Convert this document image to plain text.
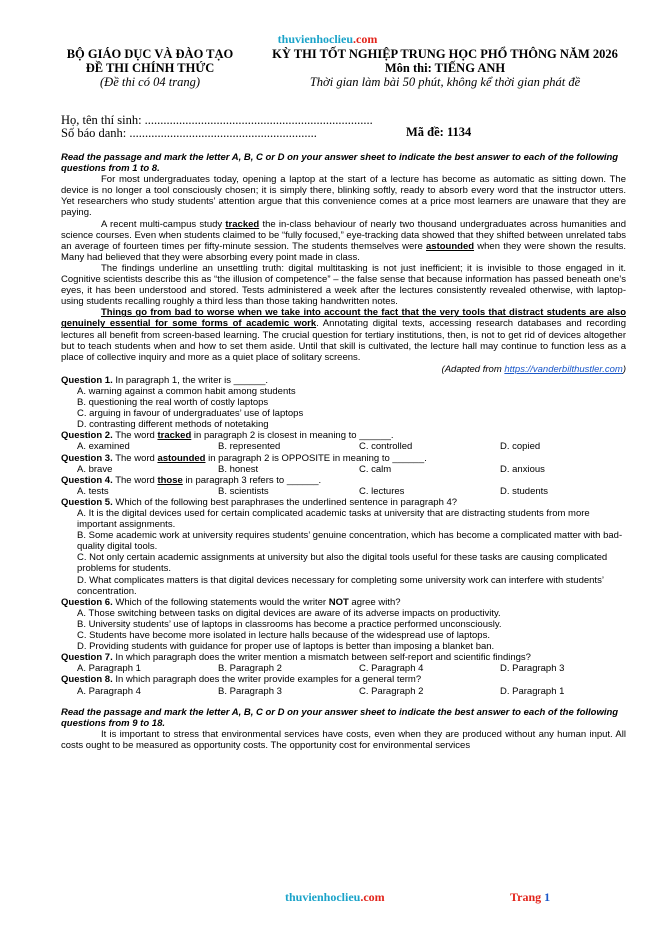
thuvienhoclieu.com
BỘ GIÁO DỤC VÀ ĐÀO TẠO
ĐỀ THI CHÍNH THỨC
(Đề thi có 04 trang)
KỲ THI TỐT NGHIỆP TRUNG HỌC PHỔ THÔNG NĂM 2026
Môn thi: TIẾNG ANH
Thời gian làm bài 50 phút, không kể thời gian phát đề
Họ, tên thí sinh: .........................................................................
Số báo danh: ............................................................	Mã đề: 1134

Read the passage and mark the letter A, B, C or D on your answer sheet to indicate the best answer to each of the following questions from 1 to 8.

For most undergraduates today, opening a laptop at the start of a lecture has become as automatic as sitting down. The device is no longer a tool consciously chosen; it is simply there, blinking softly, ready to absorb every word that the instructor utters. Yet researchers who study students’ attention argue that this convenience comes at a price most learners are unaware that they are paying.

A recent multi-campus study tracked the in-class behaviour of nearly two thousand undergraduates across humanities and science courses. Even when students claimed to be “fully focused,” eye-tracking data showed that they shifted between unrelated tabs an average of fourteen times per fifty-minute session. The students themselves were astounded when they were shown the results. Many had believed that they were absorbing every point made in class.

The findings underline an unsettling truth: digital multitasking is not just inefficient; it is invisible to those engaged in it. Cognitive scientists describe this as “the illusion of competence” – the false sense that because information has passed beneath one’s eyes, it has been understood and stored. Tests administered a week after the lectures consistently revealed otherwise, with laptop-using students recalling roughly a third less than those taking handwritten notes.

Things go from bad to worse when we take into account the fact that the very tools that distract students are also genuinely essential for some forms of academic work. Annotating digital texts, accessing research databases and recording lectures all benefit from screen-based learning. The crucial question for tertiary institutions, then, is not to get rid of devices altogether but to teach students when and how to set them aside. Until that skill is cultivated, the lecture hall may continue to function less as a place of collective inquiry and more as a quiet place of solitary screens.

(Adapted from https://vanderbilthustler.com)

Question 1. In paragraph 1, the writer is ______.

A. warning against a common habit among students

B. questioning the real worth of costly laptops

C. arguing in favour of undergraduates’ use of laptops

D. contrasting different methods of notetaking

Question 2. The word tracked in paragraph 2 is closest in meaning to ______.

A. examined	B. represented	C. controlled	D. copied

Question 3. The word astounded in paragraph 2 is OPPOSITE in meaning to ______.

A. brave	B. honest	C. calm	D. anxious

Question 4. The word those in paragraph 3 refers to ______.

A. tests	B. scientists	C. lectures	D. students

Question 5. Which of the following best paraphrases the underlined sentence in paragraph 4?

A. It is the digital devices used for certain complicated academic tasks at university that are distracting students from more important assignments.

B. Some academic work at university requires students’ genuine concentration, which has become a complicated matter with bad-quality digital tools.

C. Not only certain academic assignments at university but also the digital tools useful for these tasks are causing complicated problems for students.

D. What complicates matters is that digital devices necessary for completing some university work can interfere with students’ concentration.

Question 6. Which of the following statements would the writer NOT agree with?

A. Those switching between tasks on digital devices are aware of its adverse impacts on productivity.

B. University students’ use of laptops in classrooms has become a practice performed unconsciously.

C. Students have become more isolated in lecture halls because of the widespread use of laptops.

D. Providing students with guidance for proper use of laptops is better than imposing a blanket ban.

Question 7. In which paragraph does the writer mention a mismatch between self-report and scientific findings?

A. Paragraph 1	B. Paragraph 2	C. Paragraph 4	D. Paragraph 3

Question 8. In which paragraph does the writer provide examples for a general term?

A. Paragraph 4	B. Paragraph 3	C. Paragraph 2	D. Paragraph 1

Read the passage and mark the letter A, B, C or D on your answer sheet to indicate the best answer to each of the following questions from 9 to 18.

It is important to stress that environmental services have costs, even when they are produced without any human input. All costs ought to be measured as opportunity costs. The opportunity cost for environmental services

thuvienhoclieu.com	Trang 1
